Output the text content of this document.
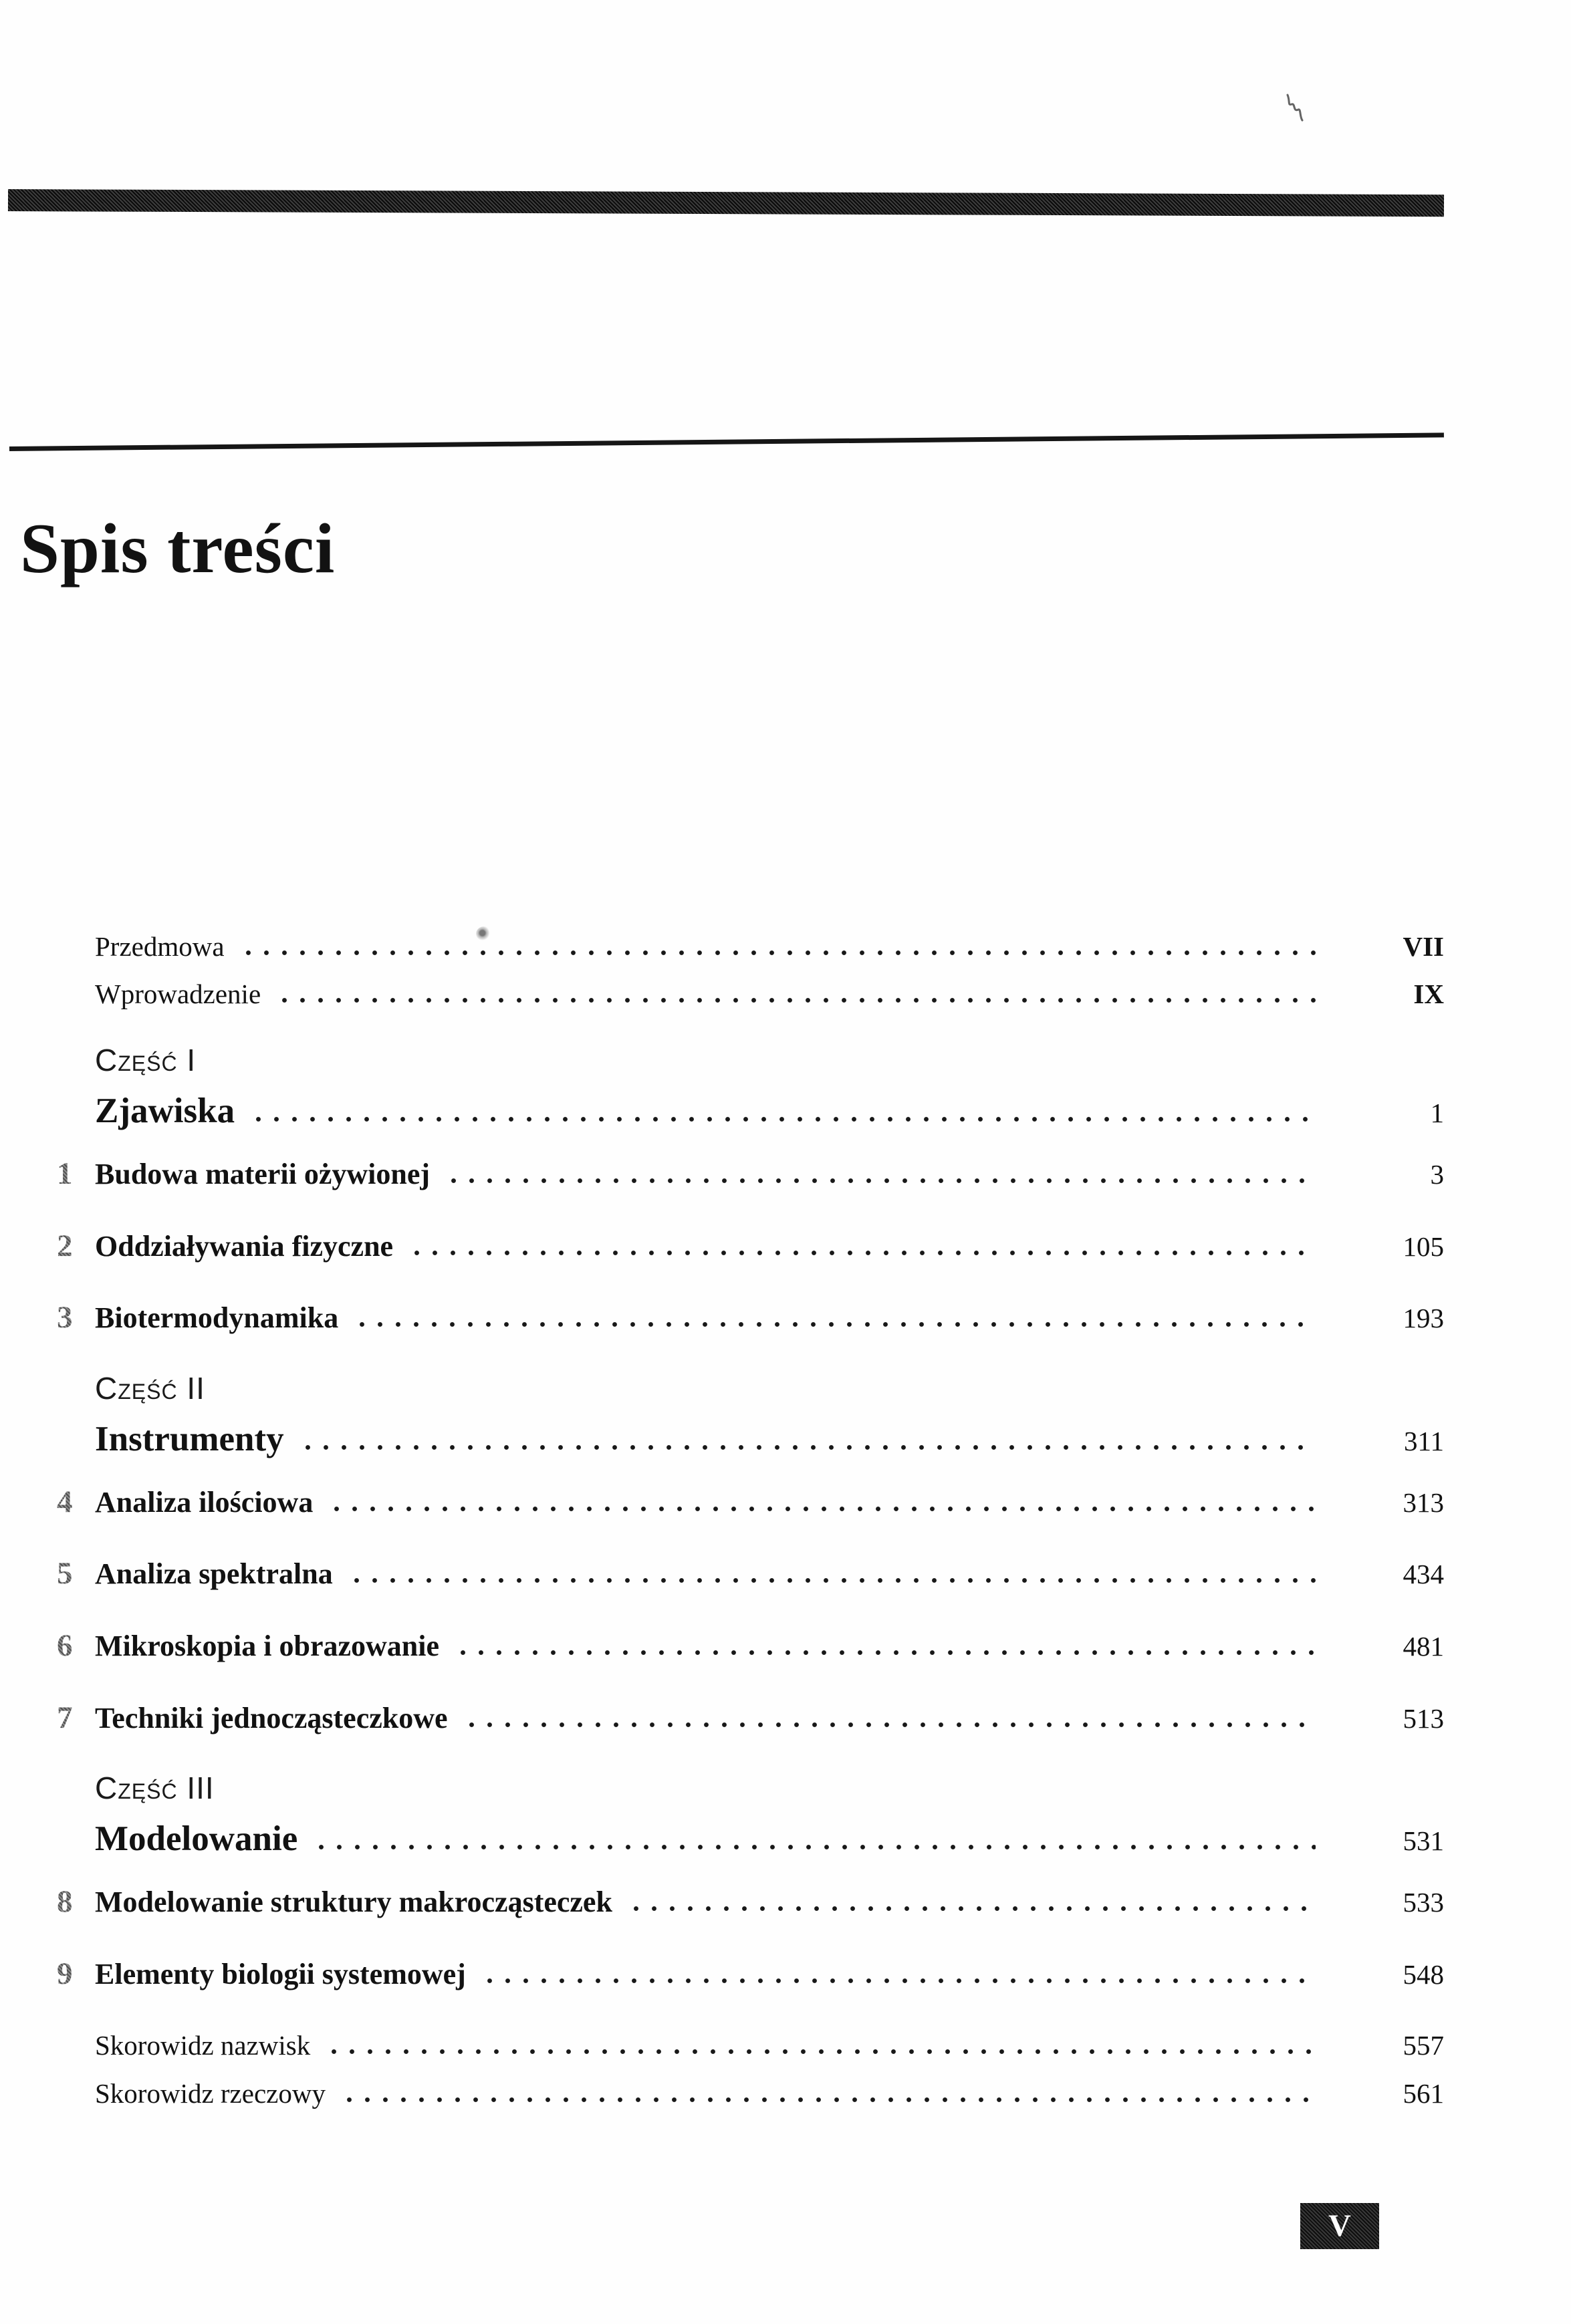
Spis treści
Przedmowa	VII
Wprowadzenie	IX
Część I
Zjawiska	1
1 Budowa materii ożywionej	3
2 Oddziaływania fizyczne	105
3 Biotermodynamika	193
Część II
Instrumenty	311
4 Analiza ilościowa	313
5 Analiza spektralna	434
6 Mikroskopia i obrazowanie	481
7 Techniki jednocząsteczkowe	513
Część III
Modelowanie	531
8 Modelowanie struktury makrocząsteczek	533
9 Elementy biologii systemowej	548
Skorowidz nazwisk	557
Skorowidz rzeczowy	561
V
